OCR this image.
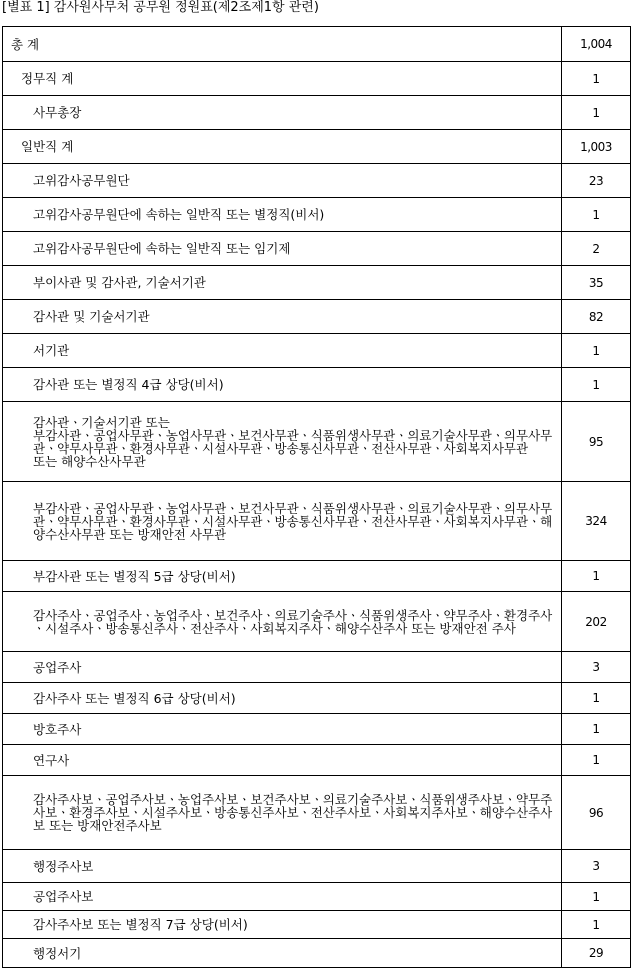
[별표 1] 감사원사무처 공무원 정원표(제2조제1항 관련)
총 계	1,004

정무직 계	1

사무총장	1

일반직 계	1,003

고위감사공무원단	23

고위감사공무원단에 속하는 일반직 또는 별정직(비서)	1

고위감사공무원단에 속하는 일반직 또는 임기제	2

부이사관 및 감사관, 기술서기관	35

감사관 및 기술서기관	82

서기관	1

감사관 또는 별정직 4급 상당(비서)	1

감사관ㆍ기술서기관 또는 부감사관ㆍ공업사무관ㆍ농업사무관ㆍ보건사무관ㆍ식품위생사무관ㆍ의료기술사무관ㆍ의무사무관ㆍ약무사무관ㆍ환경사무관ㆍ시설사무관ㆍ방송통신사무관ㆍ전산사무관ㆍ사회복지사무관 또는 해양수산사무관	95

부감사관ㆍ공업사무관ㆍ농업사무관ㆍ보건사무관ㆍ식품위생사무관ㆍ의료기술사무관ㆍ의무사무관ㆍ약무사무관ㆍ환경사무관ㆍ시설사무관ㆍ방송통신사무관ㆍ전산사무관ㆍ사회복지사무관ㆍ해양수산사무관 또는 방재안전 사무관	324

부감사관 또는 별정직 5급 상당(비서)	1

감사주사ㆍ공업주사ㆍ농업주사ㆍ보건주사ㆍ의료기술주사ㆍ식품위생주사ㆍ약무주사ㆍ환경주사ㆍ시설주사ㆍ방송통신주사ㆍ전산주사ㆍ사회복지주사ㆍ해양수산주사 또는 방재안전 주사	202

공업주사	3

감사주사 또는 별정직 6급 상당(비서)	1

방호주사	1

연구사	1

감사주사보ㆍ공업주사보ㆍ농업주사보ㆍ보건주사보ㆍ의료기술주사보ㆍ식품위생주사보ㆍ약무주사보ㆍ환경주사보ㆍ시설주사보ㆍ방송통신주사보ㆍ전산주사보ㆍ사회복지주사보ㆍ해양수산주사보 또는 방재안전주사보	96

행정주사보	3

공업주사보	1

감사주사보 또는 별정직 7급 상당(비서)	1

행정서기	29
